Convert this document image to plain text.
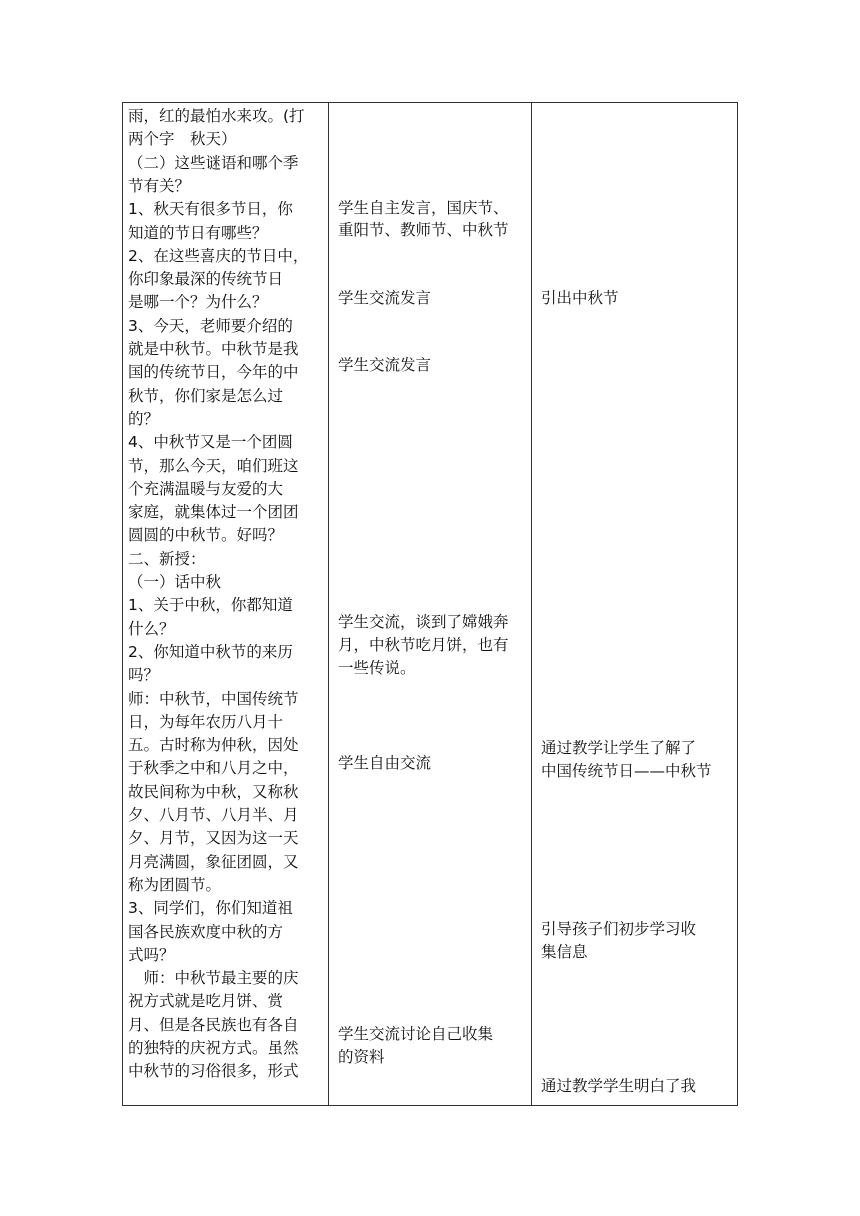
雨，红的最怕水来攻。(打
两个字　秋天）
（二）这些谜语和哪个季
节有关？
1、秋天有很多节日，你
知道的节日有哪些？
2、在这些喜庆的节日中，
你印象最深的传统节日
是哪一个？为什么？
3、今天，老师要介绍的
就是中秋节。中秋节是我
国的传统节日，今年的中
秋节，你们家是怎么过
的？
4、中秋节又是一个团圆
节，那么今天，咱们班这
个充满温暖与友爱的大
家庭，就集体过一个团团
圆圆的中秋节。好吗？
二、新授：
（一）话中秋
1、关于中秋，你都知道
什么？
2、你知道中秋节的来历
吗？
师：中秋节，中国传统节
日，为每年农历八月十
五。古时称为仲秋，因处
于秋季之中和八月之中，
故民间称为中秋，又称秋
夕、八月节、八月半、月
夕、月节，又因为这一天
月亮满圆，象征团圆，又
称为团圆节。
3、同学们，你们知道祖
国各民族欢度中秋的方
式吗？
　师：中秋节最主要的庆
祝方式就是吃月饼、赏
月、但是各民族也有各自
的独特的庆祝方式。虽然
中秋节的习俗很多，形式
学生自主发言，国庆节、
重阳节、教师节、中秋节
学生交流发言
学生交流发言
学生交流，谈到了嫦娥奔
月，中秋节吃月饼，也有
一些传说。
学生自由交流
学生交流讨论自己收集
的资料
引出中秋节
通过教学让学生了解了
中国传统节日——中秋节
引导孩子们初步学习收
集信息
通过教学学生明白了我
